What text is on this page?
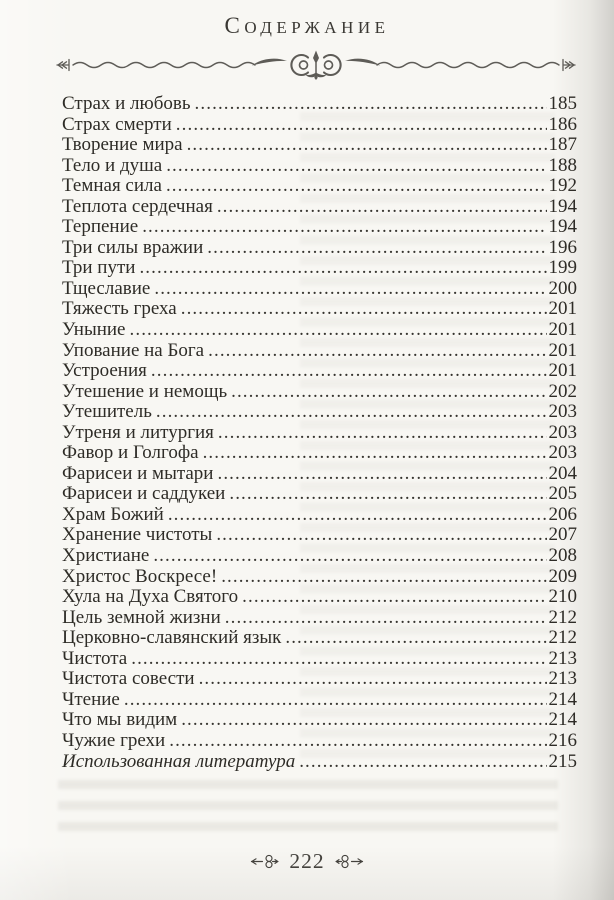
СОДЕРЖАНИЕ
Страх и любовь .....	185
Страх смерти .....	186
Творение мира .....	187
Тело и душа .....	188
Темная сила .....	192
Теплота сердечная .....	194
Терпение .....	194
Три силы вражии .....	196
Три пути .....	199
Тщеславие .....	200
Тяжесть греха .....	201
Уныние .....	201
Упование на Бога .....	201
Устроения .....	201
Утешение и немощь .....	202
Утешитель .....	203
Утреня и литургия .....	203
Фавор и Голгофа .....	203
Фарисеи и мытари .....	204
Фарисеи и саддукеи .....	205
Храм Божий .....	206
Хранение чистоты .....	207
Христиане .....	208
Христос Воскресе! .....	209
Хула на Духа Святого .....	210
Цель земной жизни .....	212
Церковно-славянский язык .....	212
Чистота .....	213
Чистота совести .....	213
Чтение .....	214
Что мы видим .....	214
Чужие грехи .....	216
Использованная литература .....	215
222
